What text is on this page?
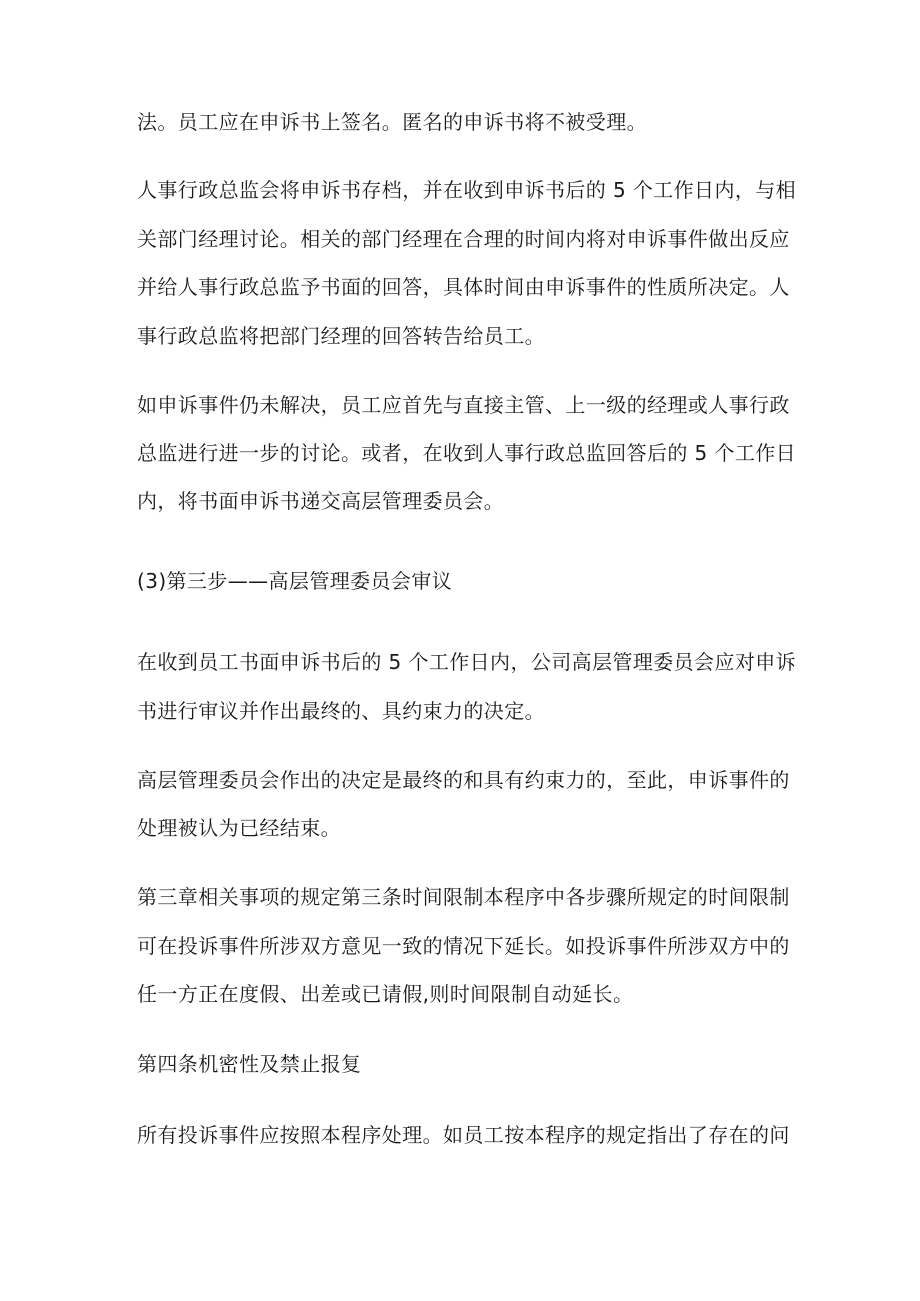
法。员工应在申诉书上签名。匿名的申诉书将不被受理。

人事行政总监会将申诉书存档，并在收到申诉书后的 5 个工作日内，与相

关部门经理讨论。相关的部门经理在合理的时间内将对申诉事件做出反应

并给人事行政总监予书面的回答，具体时间由申诉事件的性质所决定。人

事行政总监将把部门经理的回答转告给员工。

如申诉事件仍未解决，员工应首先与直接主管、上一级的经理或人事行政

总监进行进一步的讨论。或者，在收到人事行政总监回答后的 5 个工作日

内，将书面申诉书递交高层管理委员会。

(3)第三步——高层管理委员会审议

在收到员工书面申诉书后的 5 个工作日内，公司高层管理委员会应对申诉

书进行审议并作出最终的、具约束力的决定。

高层管理委员会作出的决定是最终的和具有约束力的，至此，申诉事件的

处理被认为已经结束。

第三章相关事项的规定第三条时间限制本程序中各步骤所规定的时间限制

可在投诉事件所涉双方意见一致的情况下延长。如投诉事件所涉双方中的

任一方正在度假、出差或已请假,则时间限制自动延长。

第四条机密性及禁止报复

所有投诉事件应按照本程序处理。如员工按本程序的规定指出了存在的问
